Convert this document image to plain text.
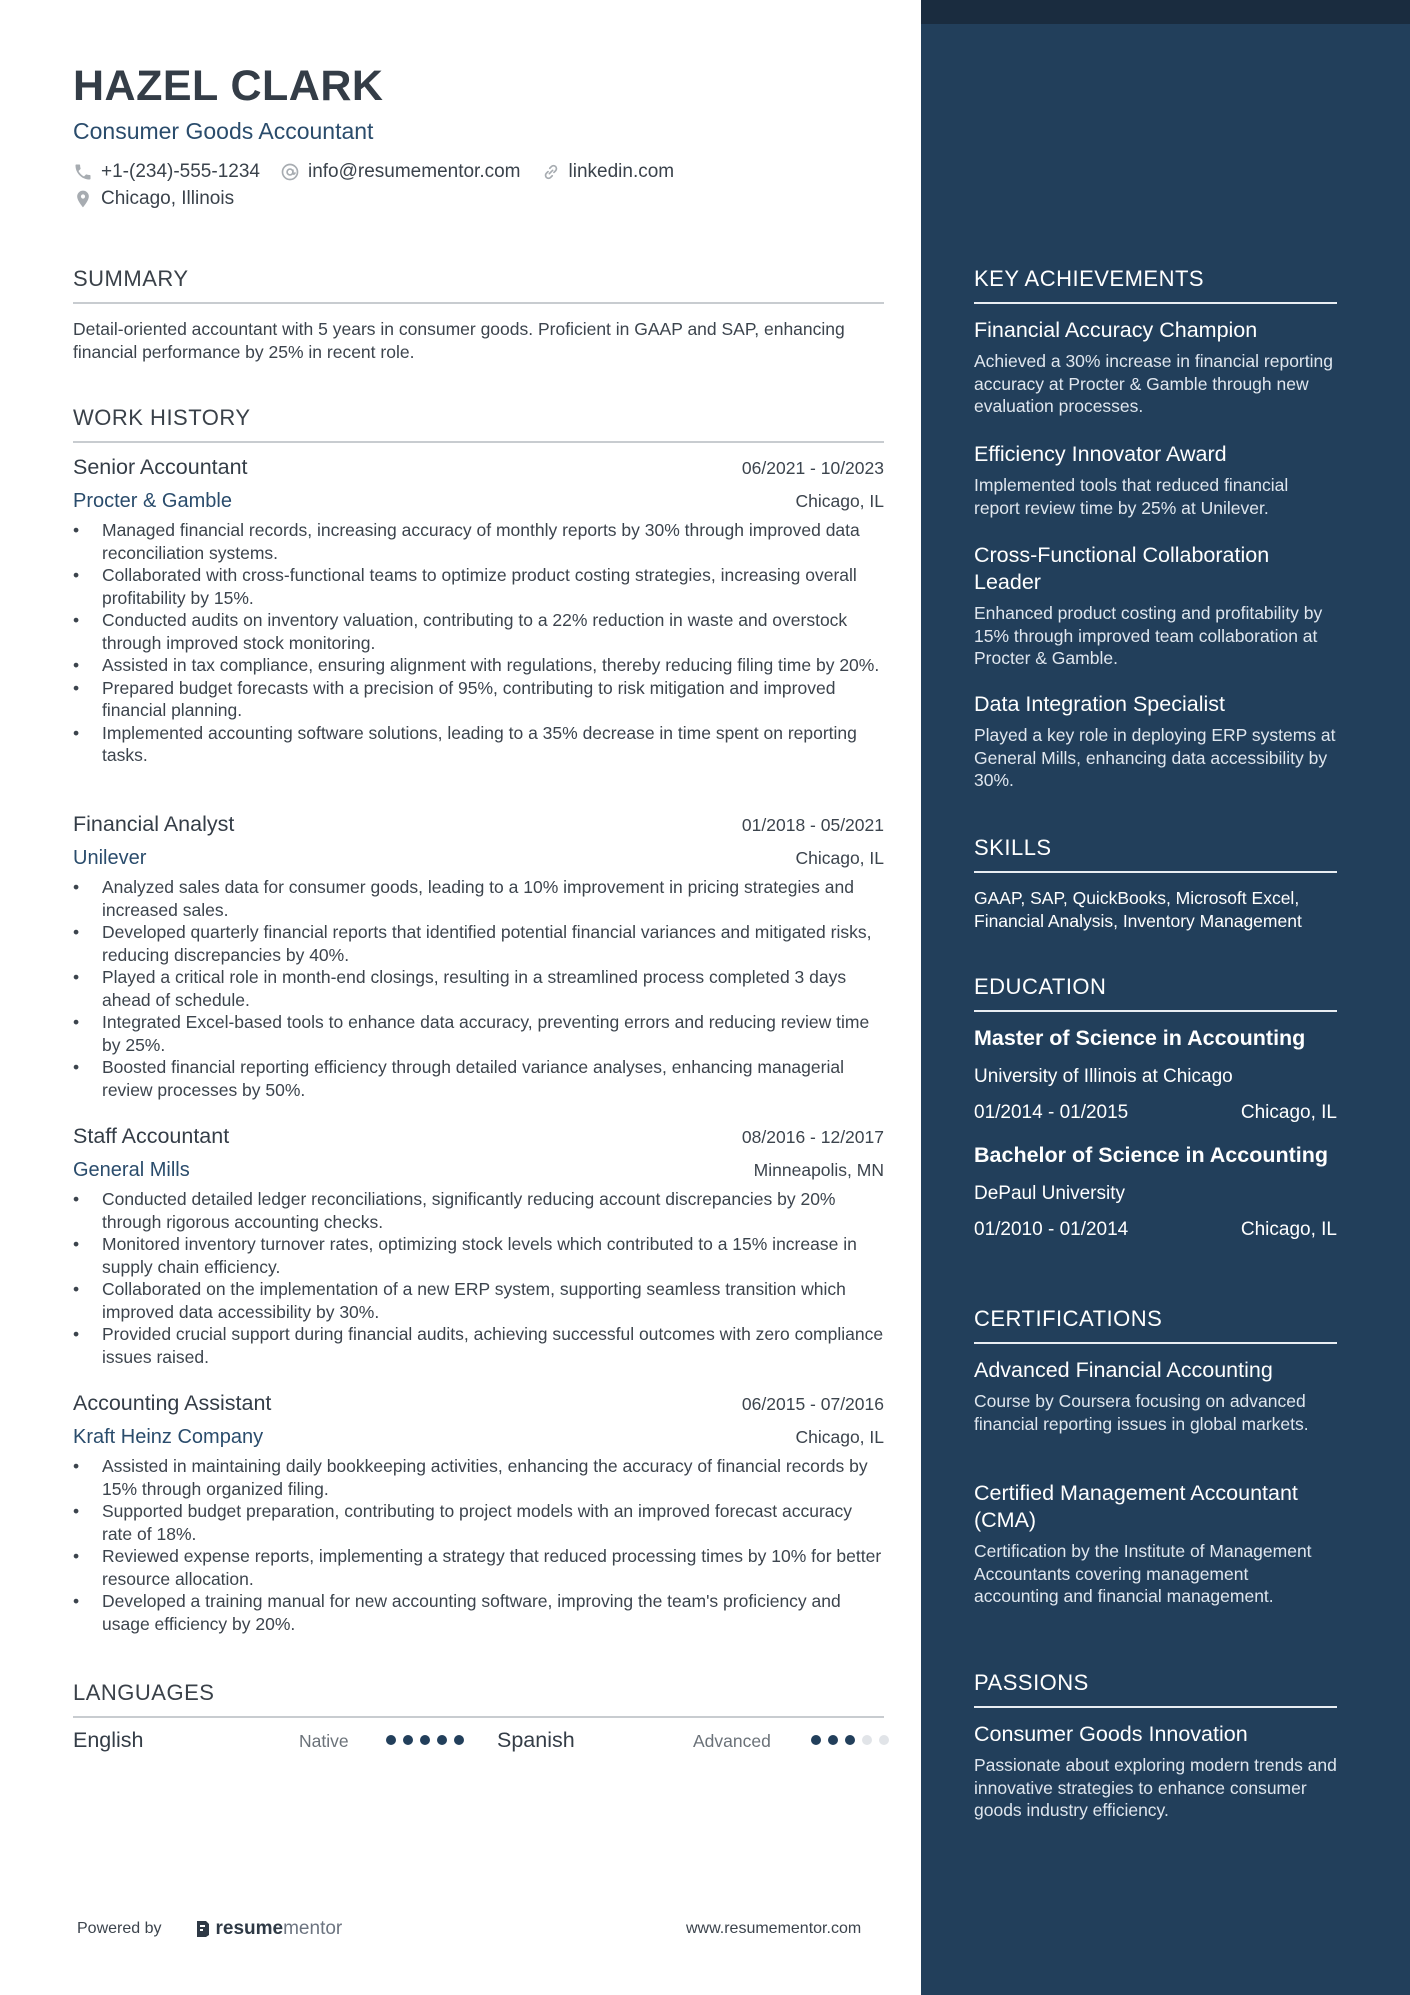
HAZEL CLARK
Consumer Goods Accountant
+1-(234)-555-1234	info@resumementor.com	linkedin.com
Chicago, Illinois
SUMMARY
Detail-oriented accountant with 5 years in consumer goods. Proficient in GAAP and SAP, enhancing financial performance by 25% in recent role.
WORK HISTORY
Senior Accountant	06/2021 - 10/2023
Procter & Gamble	Chicago, IL
• Managed financial records, increasing accuracy of monthly reports by 30% through improved data reconciliation systems.
• Collaborated with cross-functional teams to optimize product costing strategies, increasing overall profitability by 15%.
• Conducted audits on inventory valuation, contributing to a 22% reduction in waste and overstock through improved stock monitoring.
• Assisted in tax compliance, ensuring alignment with regulations, thereby reducing filing time by 20%.
• Prepared budget forecasts with a precision of 95%, contributing to risk mitigation and improved financial planning.
• Implemented accounting software solutions, leading to a 35% decrease in time spent on reporting tasks.
Financial Analyst	01/2018 - 05/2021
Unilever	Chicago, IL
• Analyzed sales data for consumer goods, leading to a 10% improvement in pricing strategies and increased sales.
• Developed quarterly financial reports that identified potential financial variances and mitigated risks, reducing discrepancies by 40%.
• Played a critical role in month-end closings, resulting in a streamlined process completed 3 days ahead of schedule.
• Integrated Excel-based tools to enhance data accuracy, preventing errors and reducing review time by 25%.
• Boosted financial reporting efficiency through detailed variance analyses, enhancing managerial review processes by 50%.
Staff Accountant	08/2016 - 12/2017
General Mills	Minneapolis, MN
• Conducted detailed ledger reconciliations, significantly reducing account discrepancies by 20% through rigorous accounting checks.
• Monitored inventory turnover rates, optimizing stock levels which contributed to a 15% increase in supply chain efficiency.
• Collaborated on the implementation of a new ERP system, supporting seamless transition which improved data accessibility by 30%.
• Provided crucial support during financial audits, achieving successful outcomes with zero compliance issues raised.
Accounting Assistant	06/2015 - 07/2016
Kraft Heinz Company	Chicago, IL
• Assisted in maintaining daily bookkeeping activities, enhancing the accuracy of financial records by 15% through organized filing.
• Supported budget preparation, contributing to project models with an improved forecast accuracy rate of 18%.
• Reviewed expense reports, implementing a strategy that reduced processing times by 10% for better resource allocation.
• Developed a training manual for new accounting software, improving the team's proficiency and usage efficiency by 20%.
LANGUAGES
English	Native	Spanish	Advanced
Powered by	resume mentor	www.resumementor.com
KEY ACHIEVEMENTS
Financial Accuracy Champion
Achieved a 30% increase in financial reporting accuracy at Procter & Gamble through new evaluation processes.
Efficiency Innovator Award
Implemented tools that reduced financial report review time by 25% at Unilever.
Cross-Functional Collaboration Leader
Enhanced product costing and profitability by 15% through improved team collaboration at Procter & Gamble.
Data Integration Specialist
Played a key role in deploying ERP systems at General Mills, enhancing data accessibility by 30%.
SKILLS
GAAP, SAP, QuickBooks, Microsoft Excel, Financial Analysis, Inventory Management
EDUCATION
Master of Science in Accounting
University of Illinois at Chicago
01/2014 - 01/2015	Chicago, IL
Bachelor of Science in Accounting
DePaul University
01/2010 - 01/2014	Chicago, IL
CERTIFICATIONS
Advanced Financial Accounting
Course by Coursera focusing on advanced financial reporting issues in global markets.
Certified Management Accountant (CMA)
Certification by the Institute of Management Accountants covering management accounting and financial management.
PASSIONS
Consumer Goods Innovation
Passionate about exploring modern trends and innovative strategies to enhance consumer goods industry efficiency.
